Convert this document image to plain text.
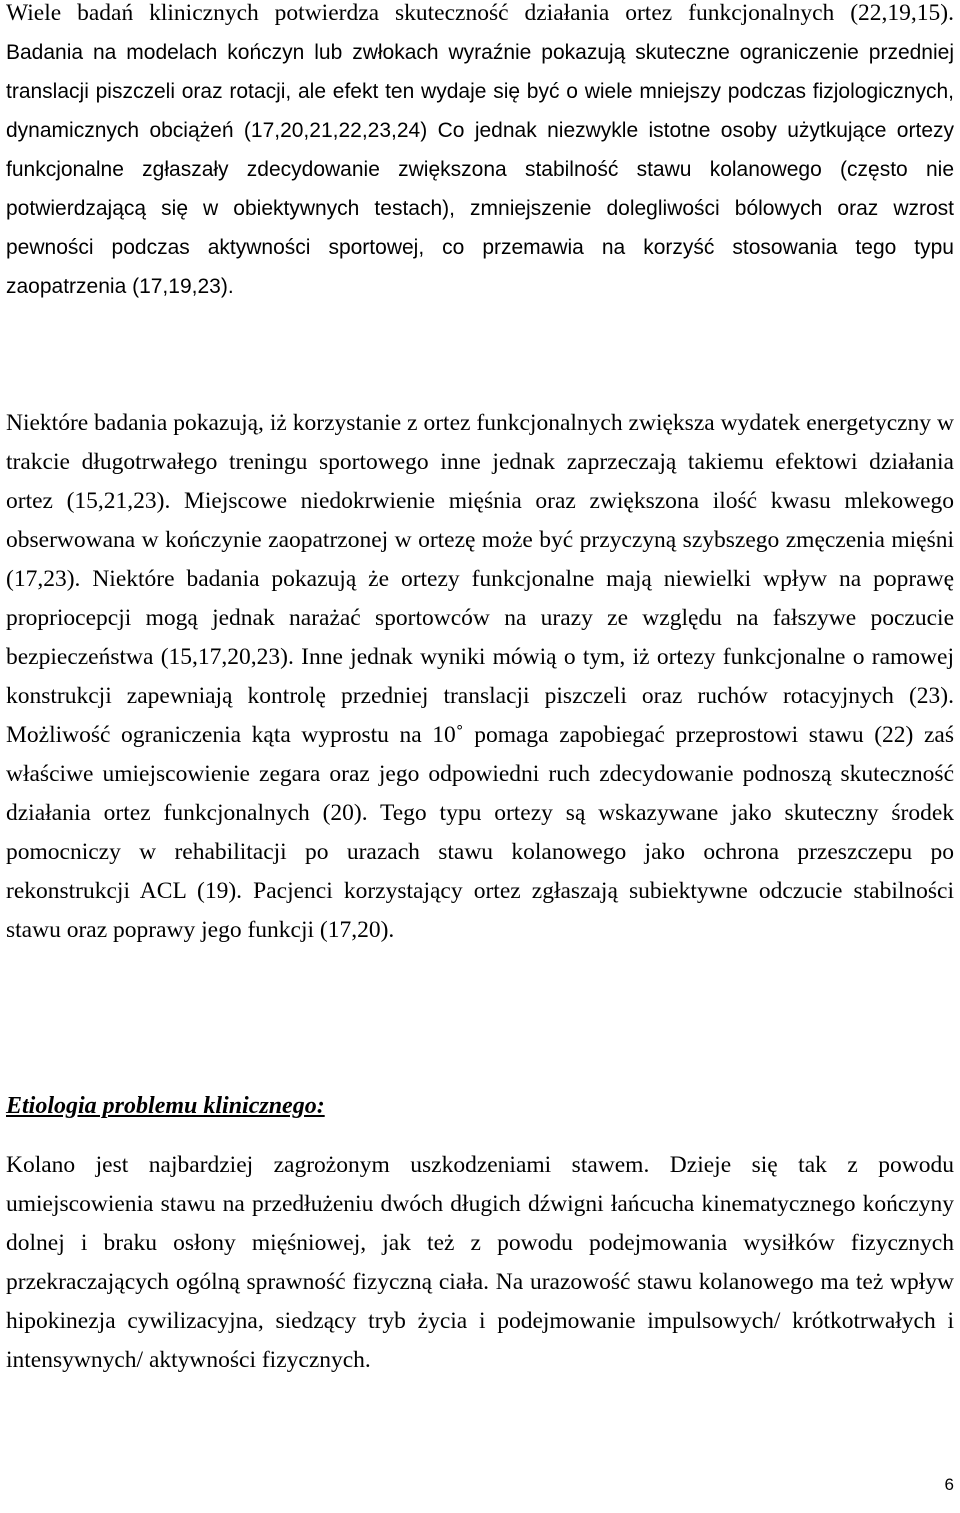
Wiele badań klinicznych potwierdza skuteczność działania ortez funkcjonalnych (22,19,15). Badania na modelach kończyn lub zwłokach wyraźnie pokazują skuteczne ograniczenie przedniej translacji piszczeli oraz rotacji, ale efekt ten wydaje się być o wiele mniejszy podczas fizjologicznych, dynamicznych obciążeń (17,20,21,22,23,24) Co jednak niezwykle istotne osoby użytkujące ortezy funkcjonalne zgłaszały zdecydowanie zwiększona stabilność stawu kolanowego (często nie potwierdzającą się w obiektywnych testach), zmniejszenie dolegliwości bólowych oraz wzrost pewności podczas aktywności sportowej, co przemawia na korzyść stosowania tego typu zaopatrzenia (17,19,23).

Niektóre badania pokazują, iż korzystanie z ortez funkcjonalnych zwiększa wydatek energetyczny w trakcie długotrwałego treningu sportowego inne jednak zaprzeczają takiemu efektowi działania ortez (15,21,23). Miejscowe niedokrwienie mięśnia oraz zwiększona ilość kwasu mlekowego obserwowana w kończynie zaopatrzonej w ortezę może być przyczyną szybszego zmęczenia mięśni (17,23). Niektóre badania pokazują że ortezy funkcjonalne mają niewielki wpływ na poprawę propriocepcji mogą jednak narażać sportowców na urazy ze względu na fałszywe poczucie bezpieczeństwa (15,17,20,23). Inne jednak wyniki mówią o tym, iż ortezy funkcjonalne o ramowej konstrukcji zapewniają kontrolę przedniej translacji piszczeli oraz ruchów rotacyjnych (23). Możliwość ograniczenia kąta wyprostu na 10˚ pomaga zapobiegać przeprostowi stawu (22) zaś właściwe umiejscowienie zegara oraz jego odpowiedni ruch zdecydowanie podnoszą skuteczność działania ortez funkcjonalnych (20). Tego typu ortezy są wskazywane jako skuteczny środek pomocniczy w rehabilitacji po urazach stawu kolanowego jako ochrona przeszczepu po rekonstrukcji ACL (19). Pacjenci korzystający ortez zgłaszają subiektywne odczucie stabilności stawu oraz poprawy jego funkcji (17,20).

Etiologia problemu klinicznego:

Kolano jest najbardziej zagrożonym uszkodzeniami stawem. Dzieje się tak z powodu umiejscowienia stawu na przedłużeniu dwóch długich dźwigni łańcucha kinematycznego kończyny dolnej i braku osłony mięśniowej, jak też z powodu podejmowania wysiłków fizycznych przekraczających ogólną sprawność fizyczną ciała. Na urazowość stawu kolanowego ma też wpływ hipokinezja cywilizacyjna, siedzący tryb życia i podejmowanie impulsowych/ krótkotrwałych i intensywnych/ aktywności fizycznych.

6
